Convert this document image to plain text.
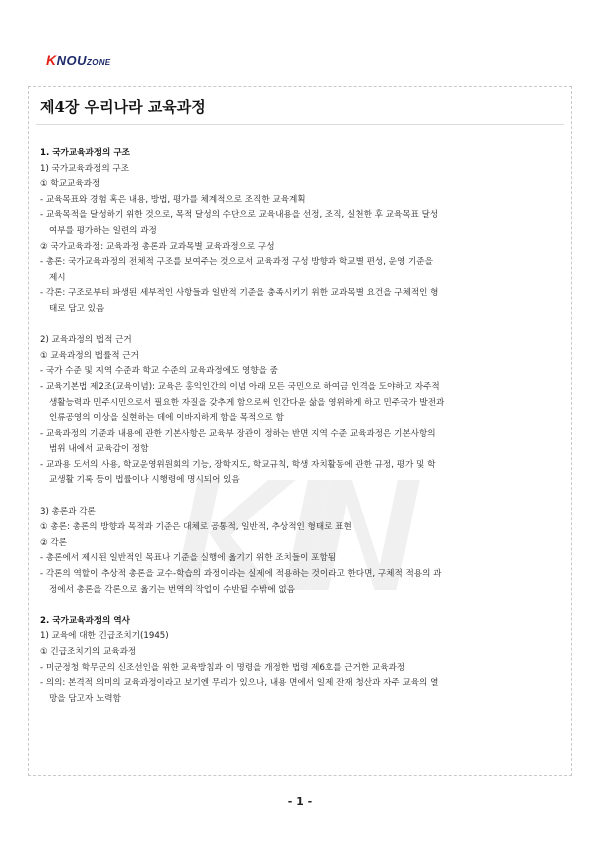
KNOUZONE
제4장 우리나라 교육과정

1. 국가교육과정의 구조

1) 국가교육과정의 구조

① 학교교육과정

- 교육목표와 경험 혹은 내용, 방법, 평가를 체계적으로 조직한 교육계획

- 교육목적을 달성하기 위한 것으로, 목적 달성의 수단으로 교육내용을 선정, 조직, 실천한 후 교육목표 달성

여부를 평가하는 일련의 과정

② 국가교육과정: 교육과정 총론과 교과목별 교육과정으로 구성

- 총론: 국가교육과정의 전체적 구조를 보여주는 것으로서 교육과정 구성 방향과 학교별 편성, 운영 기준을

제시

- 각론: 구조로부터 파생된 세부적인 사항들과 일반적 기준을 충족시키기 위한 교과목별 요건을 구체적인 형

태로 담고 있음

2) 교육과정의 법적 근거

① 교육과정의 법률적 근거

- 국가 수준 및 지역 수준과 학교 수준의 교육과정에도 영향을 줌

- 교육기본법 제2조(교육이념): 교육은 홍익인간의 이념 아래 모든 국민으로 하여금 인격을 도야하고 자주적

생활능력과 민주시민으로서 필요한 자질을 갖추게 함으로써 인간다운 삶을 영위하게 하고 민주국가 발전과

인류공영의 이상을 실현하는 데에 이바지하게 함을 목적으로 함

- 교육과정의 기준과 내용에 관한 기본사항은 교육부 장관이 정하는 반면 지역 수준 교육과정은 기본사항의

범위 내에서 교육감이 정함

- 교과용 도서의 사용, 학교운영위원회의 기능, 장학지도, 학교규칙, 학생 자치활동에 관한 규정, 평가 및 학

교생활 기록 등이 법률이나 시행령에 명시되어 있음

3) 총론과 각론

① 총론: 총론의 방향과 목적과 기준은 대체로 공통적, 일반적, 추상적인 형태로 표현

② 각론

- 총론에서 제시된 일반적인 목표나 기준을 실행에 옮기기 위한 조치들이 포함됨

- 각론의 역할이 추상적 총론을 교수-학습의 과정이라는 실제에 적용하는 것이라고 한다면, 구체적 적용의 과

정에서 총론을 각론으로 옮기는 번역의 작업이 수반될 수밖에 없음

2. 국가교육과정의 역사

1) 교육에 대한 긴급조치기(1945)

① 긴급조치기의 교육과정

- 미군정청 학무군의 신조선인을 위한 교육방침과 이 명령을 개정한 법령 제6호를 근거한 교육과정

- 의의: 본격적 의미의 교육과정이라고 보기엔 무리가 있으나, 내용 면에서 일제 잔재 청산과 자주 교육의 열

망을 담고자 노력함

- 1 -
